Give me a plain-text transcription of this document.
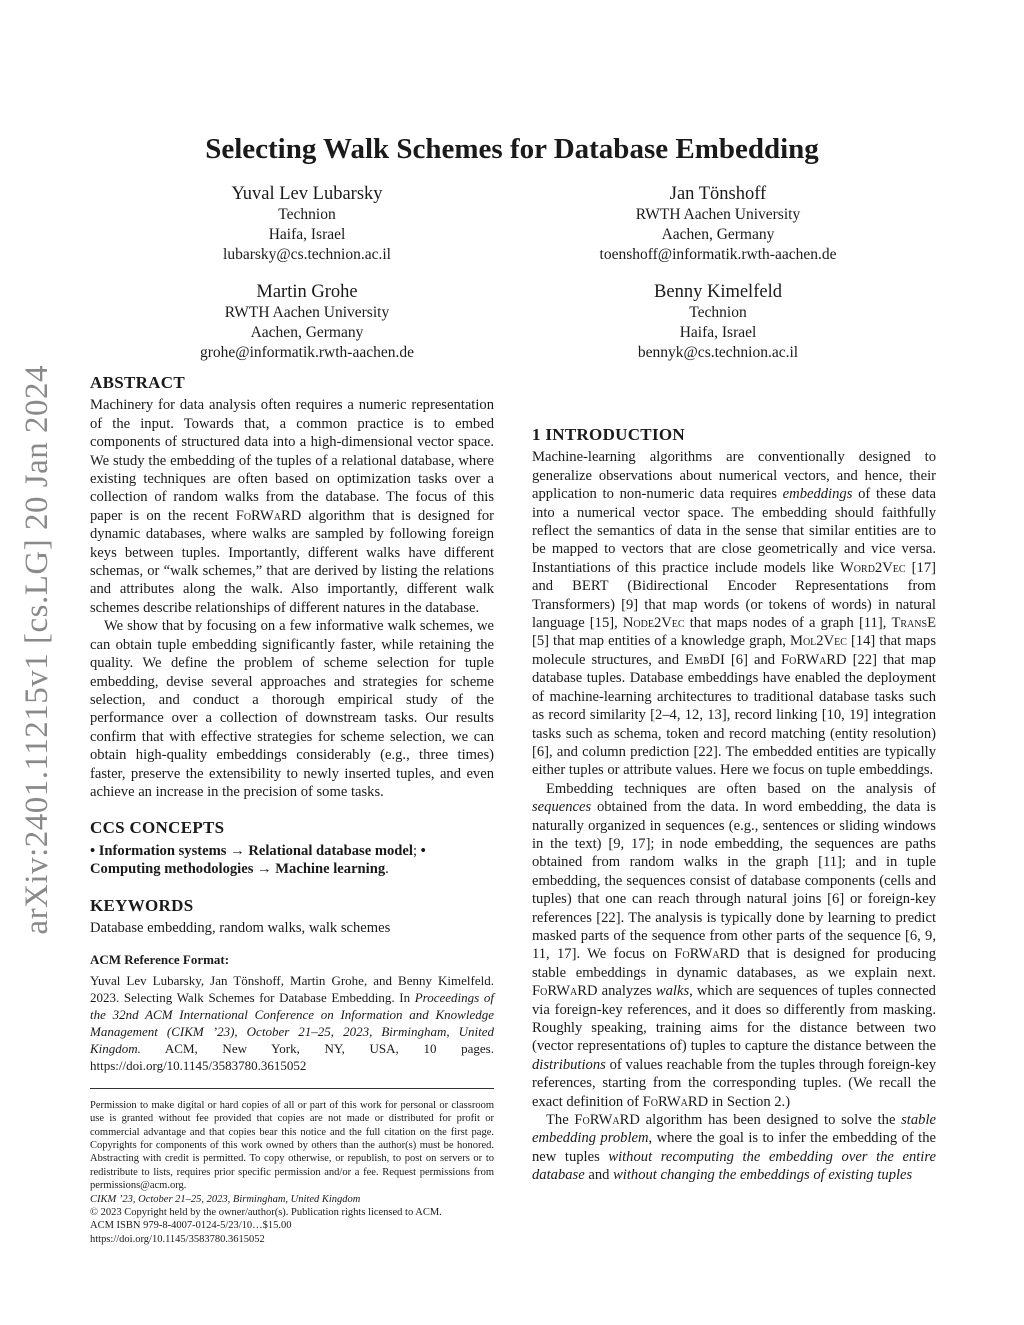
arXiv:2401.11215v1 [cs.LG] 20 Jan 2024
Selecting Walk Schemes for Database Embedding
Yuval Lev Lubarsky
Technion
Haifa, Israel
lubarsky@cs.technion.ac.il
Jan Tönshoff
RWTH Aachen University
Aachen, Germany
toenshoff@informatik.rwth-aachen.de
Martin Grohe
RWTH Aachen University
Aachen, Germany
grohe@informatik.rwth-aachen.de
Benny Kimelfeld
Technion
Haifa, Israel
bennyk@cs.technion.ac.il
ABSTRACT

Machinery for data analysis often requires a numeric representation of the input. Towards that, a common practice is to embed components of structured data into a high-dimensional vector space. We study the embedding of the tuples of a relational database, where existing techniques are often based on optimization tasks over a collection of random walks from the database. The focus of this paper is on the recent FoRWaRD algorithm that is designed for dynamic databases, where walks are sampled by following foreign keys between tuples. Importantly, different walks have different schemas, or “walk schemes,” that are derived by listing the relations and attributes along the walk. Also importantly, different walk schemes describe relationships of different natures in the database.

We show that by focusing on a few informative walk schemes, we can obtain tuple embedding significantly faster, while retaining the quality. We define the problem of scheme selection for tuple embedding, devise several approaches and strategies for scheme selection, and conduct a thorough empirical study of the performance over a collection of downstream tasks. Our results confirm that with effective strategies for scheme selection, we can obtain high-quality embeddings considerably (e.g., three times) faster, preserve the extensibility to newly inserted tuples, and even achieve an increase in the precision of some tasks.

CCS CONCEPTS

• Information systems → Relational database model; • Computing methodologies → Machine learning.

KEYWORDS

Database embedding, random walks, walk schemes

ACM Reference Format:

Yuval Lev Lubarsky, Jan Tönshoff, Martin Grohe, and Benny Kimelfeld. 2023. Selecting Walk Schemes for Database Embedding. In Proceedings of the 32nd ACM International Conference on Information and Knowledge Management (CIKM ’23), October 21–25, 2023, Birmingham, United Kingdom. ACM, New York, NY, USA, 10 pages. https://doi.org/10.1145/3583780.3615052

Permission to make digital or hard copies of all or part of this work for personal or classroom use is granted without fee provided that copies are not made or distributed for profit or commercial advantage and that copies bear this notice and the full citation on the first page. Copyrights for components of this work owned by others than the author(s) must be honored. Abstracting with credit is permitted. To copy otherwise, or republish, to post on servers or to redistribute to lists, requires prior specific permission and/or a fee. Request permissions from permissions@acm.org.
CIKM ’23, October 21–25, 2023, Birmingham, United Kingdom
© 2023 Copyright held by the owner/author(s). Publication rights licensed to ACM.
ACM ISBN 979-8-4007-0124-5/23/10…$15.00
https://doi.org/10.1145/3583780.3615052
1 INTRODUCTION

Machine-learning algorithms are conventionally designed to generalize observations about numerical vectors, and hence, their application to non-numeric data requires embeddings of these data into a numerical vector space. The embedding should faithfully reflect the semantics of data in the sense that similar entities are to be mapped to vectors that are close geometrically and vice versa. Instantiations of this practice include models like Word2Vec [17] and BERT (Bidirectional Encoder Representations from Transformers) [9] that map words (or tokens of words) in natural language [15], Node2Vec that maps nodes of a graph [11], TransE [5] that map entities of a knowledge graph, Mol2Vec [14] that maps molecule structures, and EmbDI [6] and FoRWaRD [22] that map database tuples. Database embeddings have enabled the deployment of machine-learning architectures to traditional database tasks such as record similarity [2–4, 12, 13], record linking [10, 19] integration tasks such as schema, token and record matching (entity resolution) [6], and column prediction [22]. The embedded entities are typically either tuples or attribute values. Here we focus on tuple embeddings.

Embedding techniques are often based on the analysis of sequences obtained from the data. In word embedding, the data is naturally organized in sequences (e.g., sentences or sliding windows in the text) [9, 17]; in node embedding, the sequences are paths obtained from random walks in the graph [11]; and in tuple embedding, the sequences consist of database components (cells and tuples) that one can reach through natural joins [6] or foreign-key references [22]. The analysis is typically done by learning to predict masked parts of the sequence from other parts of the sequence [6, 9, 11, 17]. We focus on FoRWaRD that is designed for producing stable embeddings in dynamic databases, as we explain next. FoRWaRD analyzes walks, which are sequences of tuples connected via foreign-key references, and it does so differently from masking. Roughly speaking, training aims for the distance between two (vector representations of) tuples to capture the distance between the distributions of values reachable from the tuples through foreign-key references, starting from the corresponding tuples. (We recall the exact definition of FoRWaRD in Section 2.)

The FoRWaRD algorithm has been designed to solve the stable embedding problem, where the goal is to infer the embedding of the new tuples without recomputing the embedding over the entire database and without changing the embeddings of existing tuples
